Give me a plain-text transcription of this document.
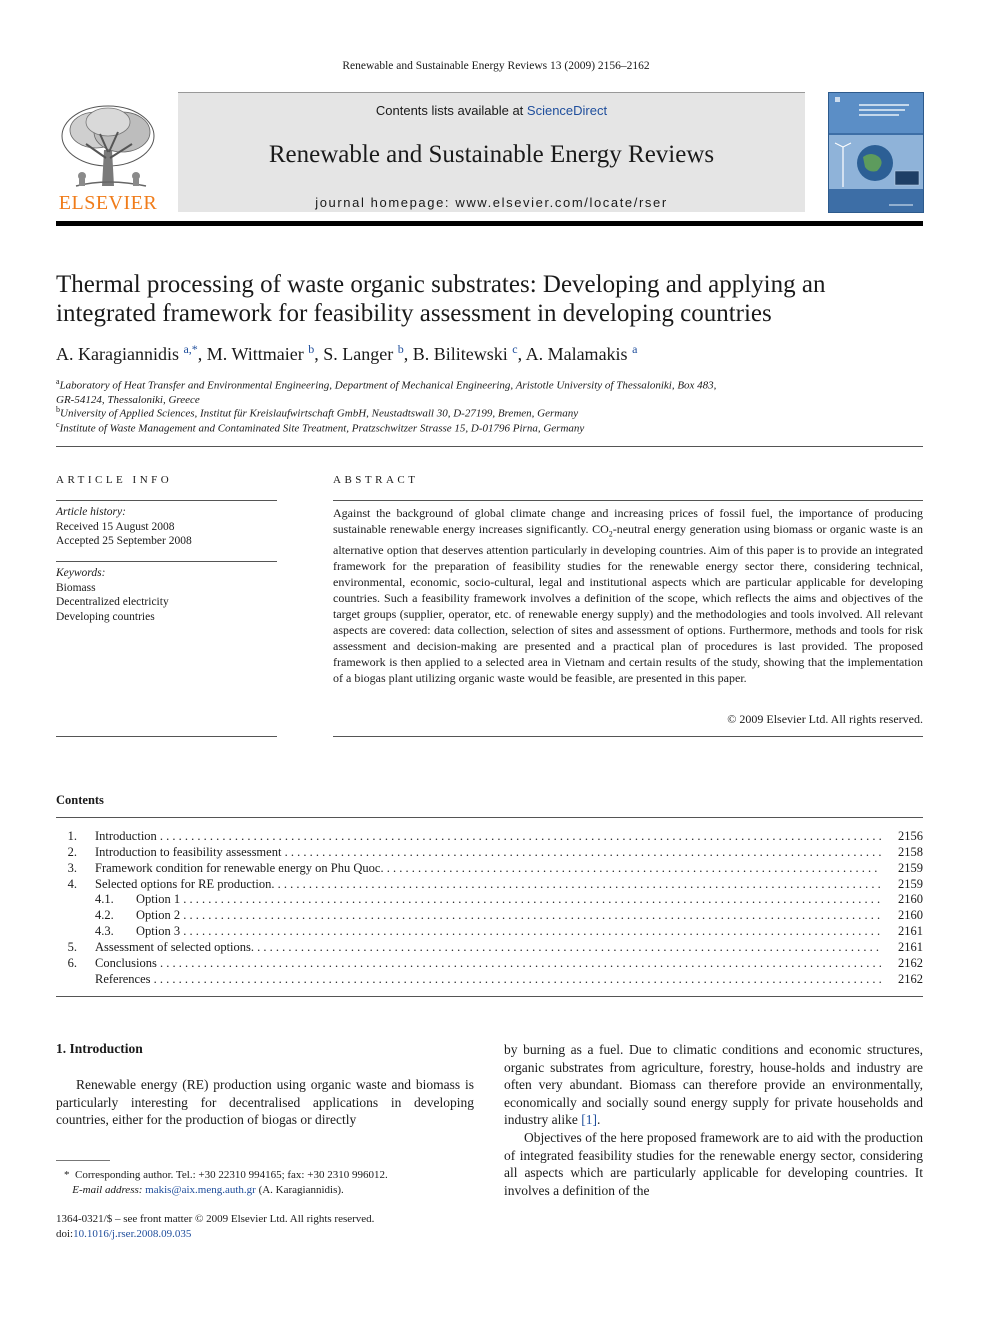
Renewable and Sustainable Energy Reviews 13 (2009) 2156–2162
ELSEVIER
Contents lists available at ScienceDirect
Renewable and Sustainable Energy Reviews
journal homepage: www.elsevier.com/locate/rser
Thermal processing of waste organic substrates: Developing and applying an
integrated framework for feasibility assessment in developing countries
A. Karagiannidis $^{a,*}$, M. Wittmaier $^b$, S. Langer $^b$, B. Bilitewski $^c$, A. Malamakis $^a$
$^a$Laboratory of Heat Transfer and Environmental Engineering, Department of Mechanical Engineering, Aristotle University of Thessaloniki, Box 483,
GR-54124, Thessaloniki, Greece
$^b$University of Applied Sciences, Institut für Kreislaufwirtschaft GmbH, Neustadtswall 30, D-27199, Bremen, Germany
$^c$Institute of Waste Management and Contaminated Site Treatment, Pratzschwitzer Strasse 15, D-01796 Pirna, Germany
ARTICLE INFO
Article history:
Received 15 August 2008
Accepted 25 September 2008
Keywords:
Biomass
Decentralized electricity
Developing countries
ABSTRACT
Against the background of global climate change and increasing prices of fossil fuel, the importance of producing sustainable renewable energy increases significantly. $CO_2$-neutral energy generation using biomass or organic waste is an alternative option that deserves attention particularly in developing countries. Aim of this paper is to provide an integrated framework for the preparation of feasibility studies for the renewable energy sector there, considering technical, environmental, economic, socio-cultural, legal and institutional aspects which are particular applicable for developing countries. Such a feasibility framework involves a definition of the scope, which reflects the aims and objectives of the target groups (supplier, operator, etc. of renewable energy supply) and the methodologies and tools involved. All relevant aspects are covered: data collection, selection of sites and assessment of options. Furthermore, methods and tools for risk assessment and decision-making are presented and a practical plan of procedures is last provided. The proposed framework is then applied to a selected area in Vietnam and certain results of the study, showing that the implementation of a biogas plant utilizing organic waste would be feasible, are presented in this paper.
© 2009 Elsevier Ltd. All rights reserved.
Contents
1. Introduction . . .	2156
2. Introduction to feasibility assessment . . .	2158
3. Framework condition for renewable energy on Phu Quoc. . . .	2159
4. Selected options for RE production. . . .	2159
4.1. Option 1 . . .	2160
4.2. Option 2 . . .	2160
4.3. Option 3 . . .	2161
5. Assessment of selected options. . . .	2161
6. Conclusions . . .	2162
References . . .	2162
1. Introduction
Renewable energy (RE) production using organic waste and biomass is particularly interesting for decentralised applications in developing countries, either for the production of biogas or directly
by burning as a fuel. Due to climatic conditions and economic structures, organic substrates from agriculture, forestry, house-holds and industry are often very abundant. Biomass can therefore provide an environmentally, economically and socially sound energy supply for private households and industry alike [1].
Objectives of the here proposed framework are to aid with the production of integrated feasibility studies for the renewable energy sector, considering all aspects which are particularly applicable for developing countries. It involves a definition of the
* Corresponding author. Tel.: +30 22310 994165; fax: +30 2310 996012.
E-mail address: makis@aix.meng.auth.gr (A. Karagiannidis).
1364-0321/$ – see front matter © 2009 Elsevier Ltd. All rights reserved.
doi:10.1016/j.rser.2008.09.035
